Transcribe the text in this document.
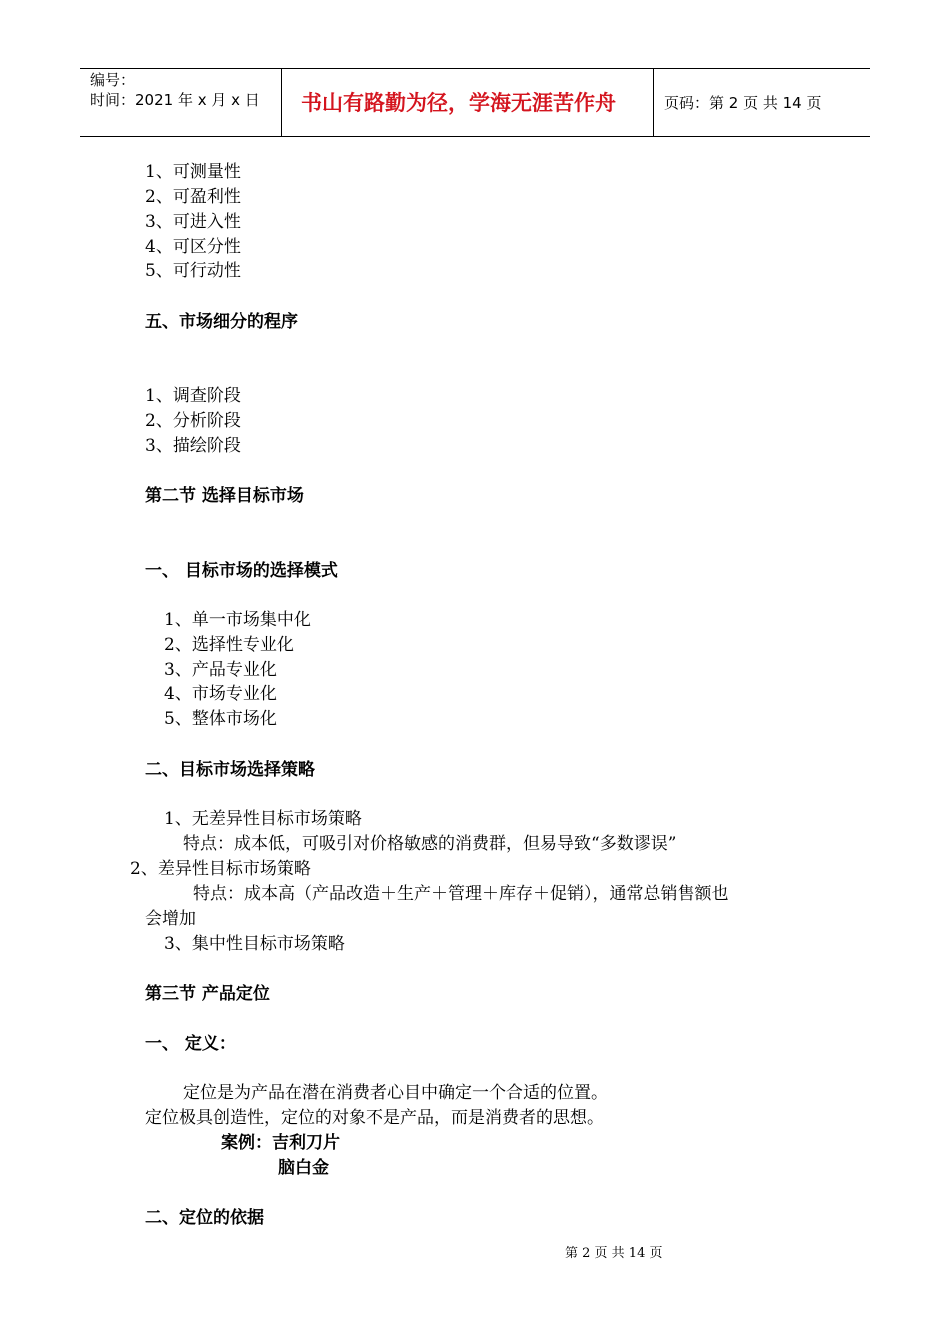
编号：
时间：2021 年 x 月 x 日 书山有路勤为径，学海无涯苦作舟	页码：第 2 页 共 14 页
1、可测量性
2、可盈利性
3、可进入性
4、可区分性
5、可行动性
五、市场细分的程序
1、调查阶段
2、分析阶段
3、描绘阶段
第二节 选择目标市场
一、 目标市场的选择模式
1、单一市场集中化
2、选择性专业化
3、产品专业化
4、市场专业化
5、整体市场化
二、目标市场选择策略
1、无差异性目标市场策略
特点：成本低，可吸引对价格敏感的消费群，但易导致“多数谬误”
2、差异性目标市场策略
特点：成本高（产品改造＋生产＋管理＋库存＋促销），通常总销售额也
会增加
3、集中性目标市场策略
第三节 产品定位
一、 定义：
定位是为产品在潜在消费者心目中确定一个合适的位置。
定位极具创造性，定位的对象不是产品，而是消费者的思想。
案例：吉利刀片
脑白金
二、定位的依据
第 2 页 共 14 页
